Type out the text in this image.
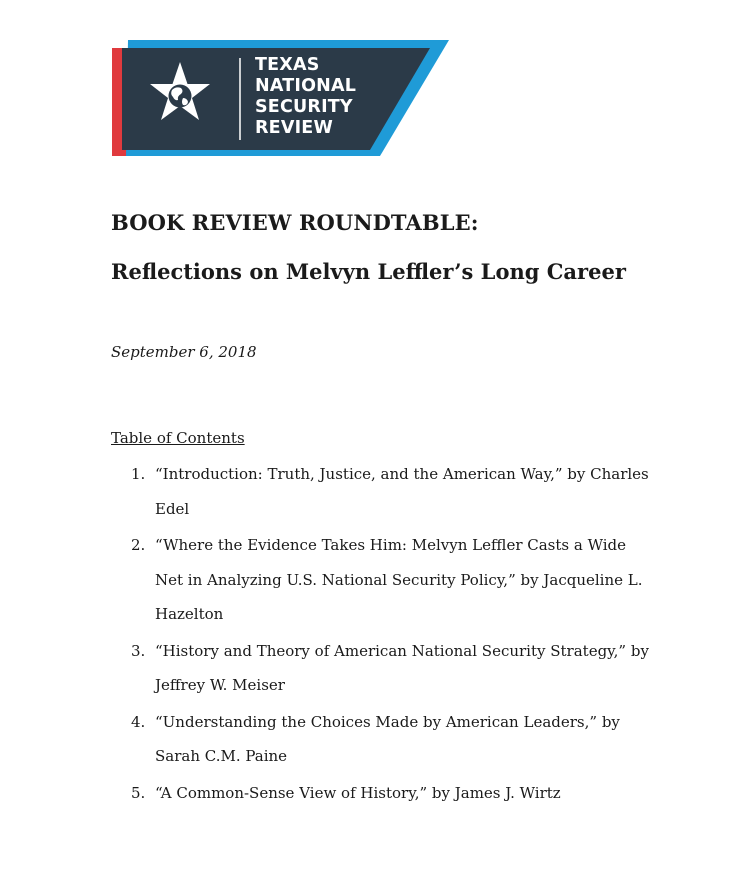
TEXAS
NATIONAL
SECURITY
REVIEW
BOOK REVIEW ROUNDTABLE:
Reflections on Melvyn Leffler’s Long Career
September 6, 2018
Table of Contents
1. “Introduction: Truth, Justice, and the American Way,” by Charles Edel
2. “Where the Evidence Takes Him: Melvyn Leffler Casts a Wide Net in Analyzing U.S. National Security Policy,” by Jacqueline L. Hazelton
3. “History and Theory of American National Security Strategy,” by Jeffrey W. Meiser
4. “Understanding the Choices Made by American Leaders,” by Sarah C.M. Paine
5. “A Common-Sense View of History,” by James J. Wirtz
